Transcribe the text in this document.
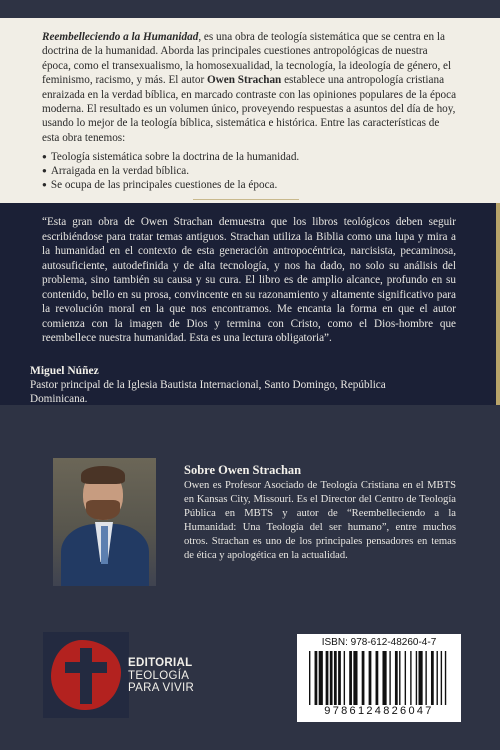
Reembelleciendo a la Humanidad, es una obra de teología sistemática que se centra en la doctrina de la humanidad. Aborda las principales cuestiones antropológicas de nuestra época, como el transexualismo, la homosexualidad, la tecnología, la ideología de género, el feminismo, racismo, y más. El autor Owen Strachan establece una antropología cristiana enraizada en la verdad bíblica, en marcado contraste con las opiniones populares de la época moderna. El resultado es un volumen único, proveyendo respuestas a asuntos del día de hoy, usando lo mejor de la teología bíblica, sistemática e histórica. Entre las características de esta obra tenemos:

● Teología sistemática sobre la doctrina de la humanidad.
● Arraigada en la verdad bíblica.
● Se ocupa de las principales cuestiones de la época.

“Esta gran obra de Owen Strachan demuestra que los libros teológicos deben seguir escribiéndose para tratar temas antiguos. Strachan utiliza la Biblia como una lupa y mira a la humanidad en el contexto de esta generación antropocéntrica, narcisista, pecaminosa, autosuficiente, autodefinida y de alta tecnología, y nos ha dado, no solo su análisis del problema, sino también su causa y su cura. El libro es de amplio alcance, profundo en su contenido, bello en su prosa, convincente en su razonamiento y altamente significativo para la revolución moral en la que nos encontramos. Me encanta la forma en que el autor comienza con la imagen de Dios y termina con Cristo, como el Dios-hombre que reembellece nuestra humanidad. Esta es una lectura obligatoria”.

Miguel Núñez
Pastor principal de la Iglesia Bautista Internacional, Santo Domingo, República Dominicana.
Sobre Owen Strachan

Owen es Profesor Asociado de Teología Cristiana en el MBTS en Kansas City, Missouri. Es el Director del Centro de Teología Pública en MBTS y autor de “Reembelleciendo a la Humanidad: Una Teología del ser humano”, entre muchos otros. Strachan es uno de los principales pensadores en temas de ética y apologética en la actualidad.

EDITORIAL
TEOLOGÍA
PARA VIVIR
ISBN: 978-612-48260-4-7
9786124826047
